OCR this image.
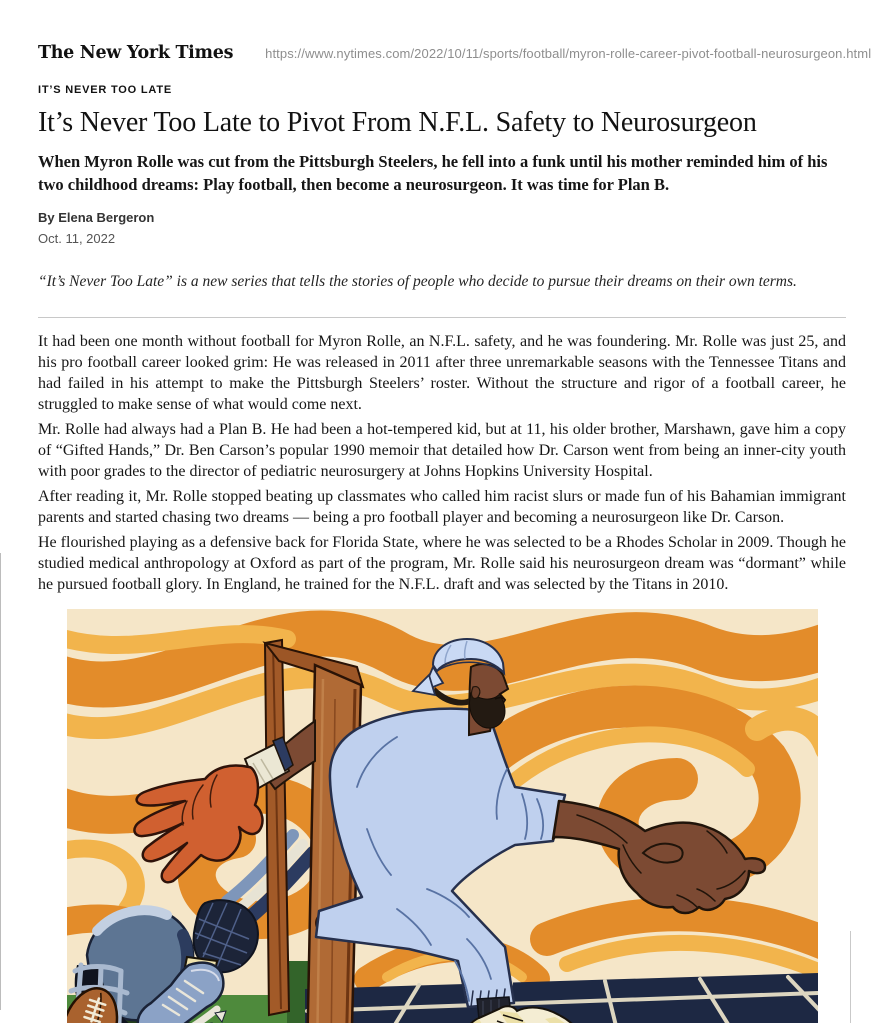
The New York Times https://www.nytimes.com/2022/10/11/sports/football/myron-rolle-career-pivot-football-neurosurgeon.html
IT’S NEVER TOO LATE
It’s Never Too Late to Pivot From N.F.L. Safety to Neurosurgeon
When Myron Rolle was cut from the Pittsburgh Steelers, he fell into a funk until his mother reminded him of his two childhood dreams: Play football, then become a neurosurgeon. It was time for Plan B.
By Elena Bergeron
Oct. 11, 2022
“It’s Never Too Late” is a new series that tells the stories of people who decide to pursue their dreams on their own terms.

It had been one month without football for Myron Rolle, an N.F.L. safety, and he was foundering. Mr. Rolle was just 25, and his pro football career looked grim: He was released in 2011 after three unremarkable seasons with the Tennessee Titans and had failed in his attempt to make the Pittsburgh Steelers’ roster. Without the structure and rigor of a football career, he struggled to make sense of what would come next.

Mr. Rolle had always had a Plan B. He had been a hot-tempered kid, but at 11, his older brother, Marshawn, gave him a copy of “Gifted Hands,” Dr. Ben Carson’s popular 1990 memoir that detailed how Dr. Carson went from being an inner-city youth with poor grades to the director of pediatric neurosurgery at Johns Hopkins University Hospital.

After reading it, Mr. Rolle stopped beating up classmates who called him racist slurs or made fun of his Bahamian immigrant parents and started chasing two dreams — being a pro football player and becoming a neurosurgeon like Dr. Carson.

He flourished playing as a defensive back for Florida State, where he was selected to be a Rhodes Scholar in 2009. Though he studied medical anthropology at Oxford as part of the program, Mr. Rolle said his neurosurgeon dream was “dormant” while he pursued football glory. In England, he trained for the N.F.L. draft and was selected by the Titans in 2010.
